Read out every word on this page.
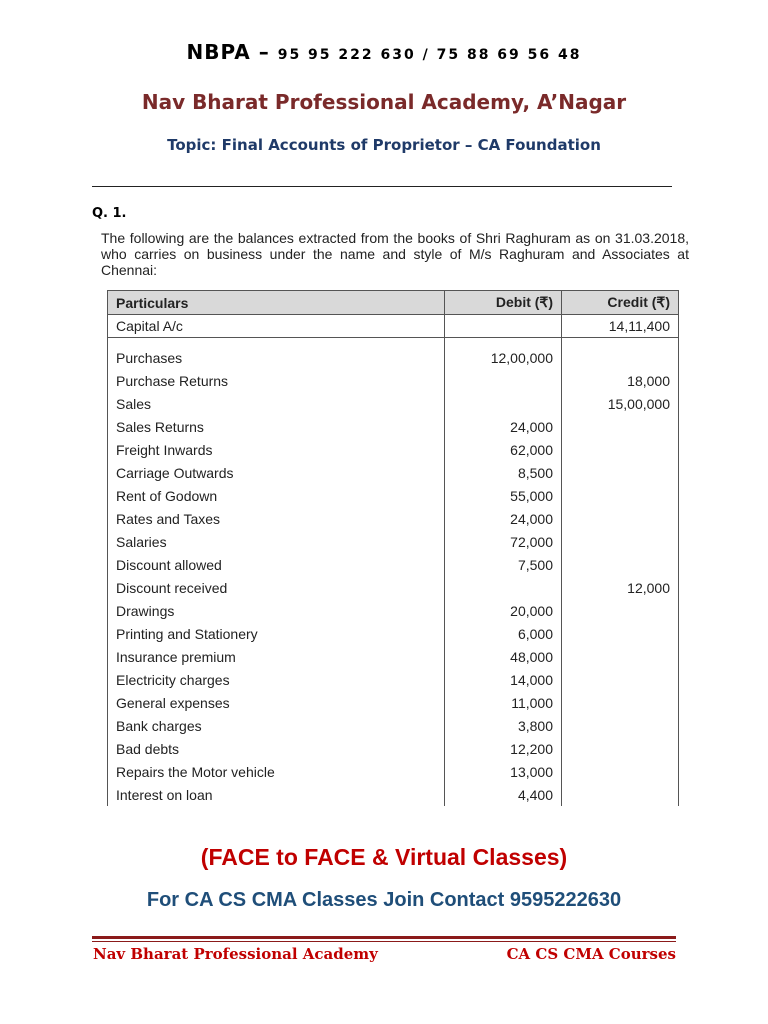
NBPA – 95 95 222 630 / 75 88 69 56 48
Nav Bharat Professional Academy, A’Nagar
Topic: Final Accounts of Proprietor – CA Foundation
Q. 1.
The following are the balances extracted from the books of Shri Raghuram as on 31.03.2018, who carries on business under the name and style of M/s Raghuram and Associates at Chennai:
Particulars	Debit (₹)	Credit (₹)
Capital A/c		14,11,400

Purchases	12,00,000	
Purchase Returns		18,000
Sales		15,00,000
Sales Returns	24,000	
Freight Inwards	62,000	
Carriage Outwards	8,500	
Rent of Godown	55,000	
Rates and Taxes	24,000	
Salaries	72,000	
Discount allowed	7,500	
Discount received		12,000
Drawings	20,000	
Printing and Stationery	6,000	
Insurance premium	48,000	
Electricity charges	14,000	
General expenses	11,000	
Bank charges	3,800	
Bad debts	12,200	
Repairs the Motor vehicle	13,000	
Interest on loan	4,400	
(FACE to FACE & Virtual Classes)
For CA CS CMA Classes Join Contact 9595222630
Nav Bharat Professional Academy	CA CS CMA Courses
